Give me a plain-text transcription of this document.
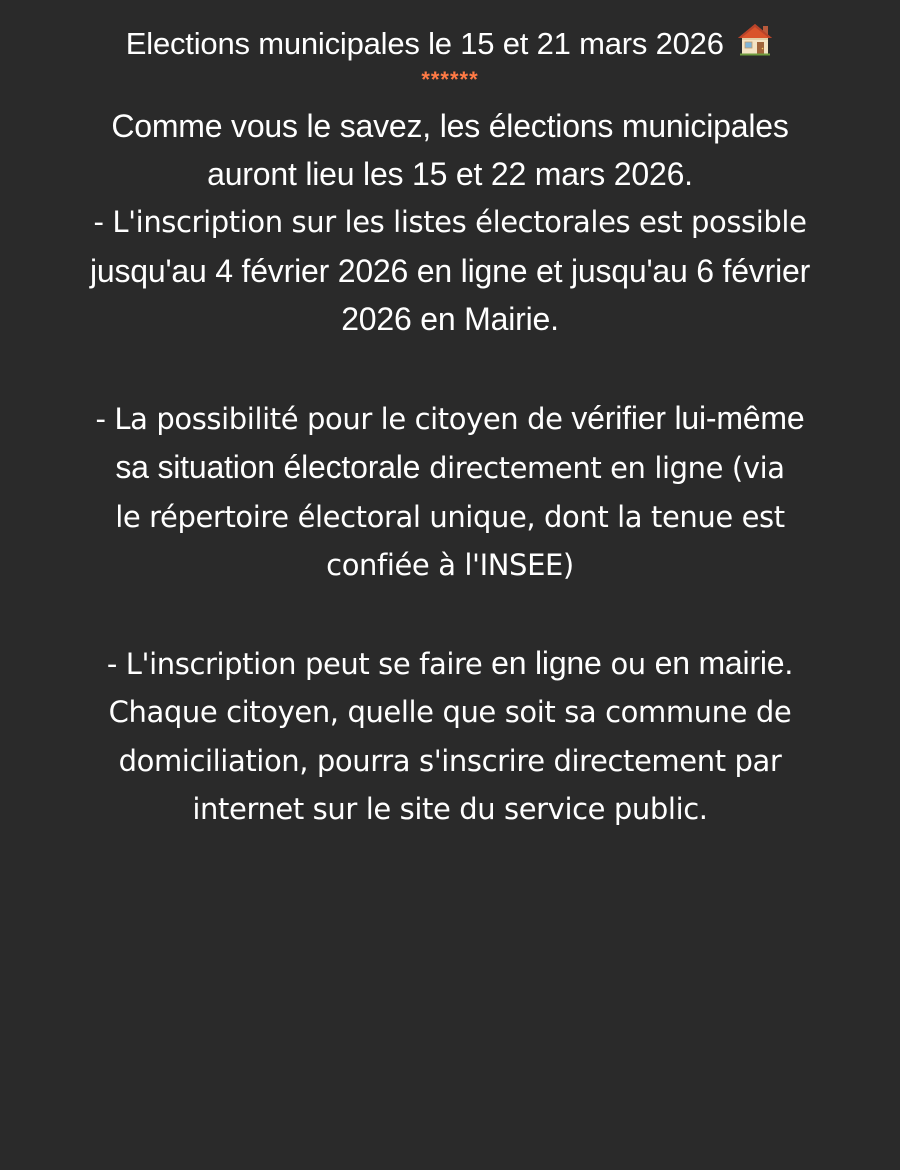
Elections municipales le 15 et 21 mars 2026
******
Comme vous le savez, les élections municipales
auront lieu les 15 et 22 mars 2026.
- L'inscription sur les listes électorales est possible
jusqu'au 4 février 2026 en ligne et jusqu'au 6 février
2026 en Mairie.
- La possibilité pour le citoyen de vérifier lui-même
sa situation électorale directement en ligne (via
le répertoire électoral unique, dont la tenue est
confiée à l'INSEE)
- L'inscription peut se faire en ligne ou en mairie.
Chaque citoyen, quelle que soit sa commune de
domiciliation, pourra s'inscrire directement par
internet sur le site du service public.
